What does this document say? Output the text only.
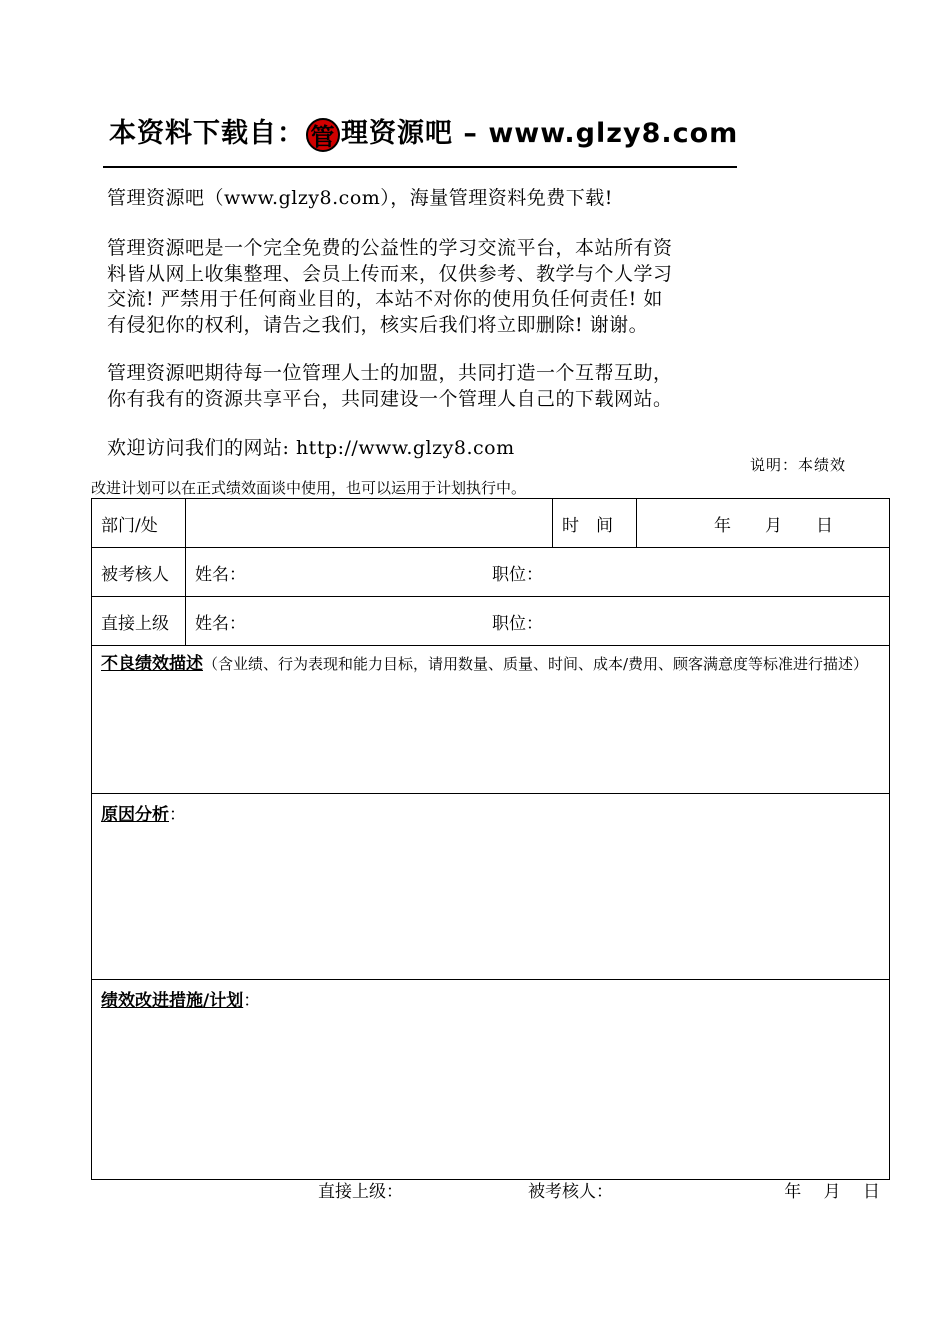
本资料下载自： 管 理资源吧 – www.glzy8.com
管理资源吧（www.glzy8.com），海量管理资料免费下载!
管理资源吧是一个完全免费的公益性的学习交流平台，本站所有资
料皆从网上收集整理、会员上传而来，仅供参考、教学与个人学习
交流! 严禁用于任何商业目的，本站不对你的使用负任何责任! 如
有侵犯你的权利，请告之我们，核实后我们将立即删除! 谢谢。
管理资源吧期待每一位管理人士的加盟，共同打造一个互帮互助，
你有我有的资源共享平台，共同建设一个管理人自己的下载网站。
欢迎访问我们的网站: http://www.glzy8.com
说明：本绩效
改进计划可以在正式绩效面谈中使用，也可以运用于计划执行中。
部门/处		时　间	年　　月　　日
被考核人	姓名： 职位：		
直接上级	姓名： 职位：		

不良绩效描述（含业绩、行为表现和能力目标，请用数量、质量、时间、成本/费用、顾客满意度等标准进行描述）			

原因分析：			
绩效改进措施/计划：
直接上级： 被考核人： 年　 月　 日			
